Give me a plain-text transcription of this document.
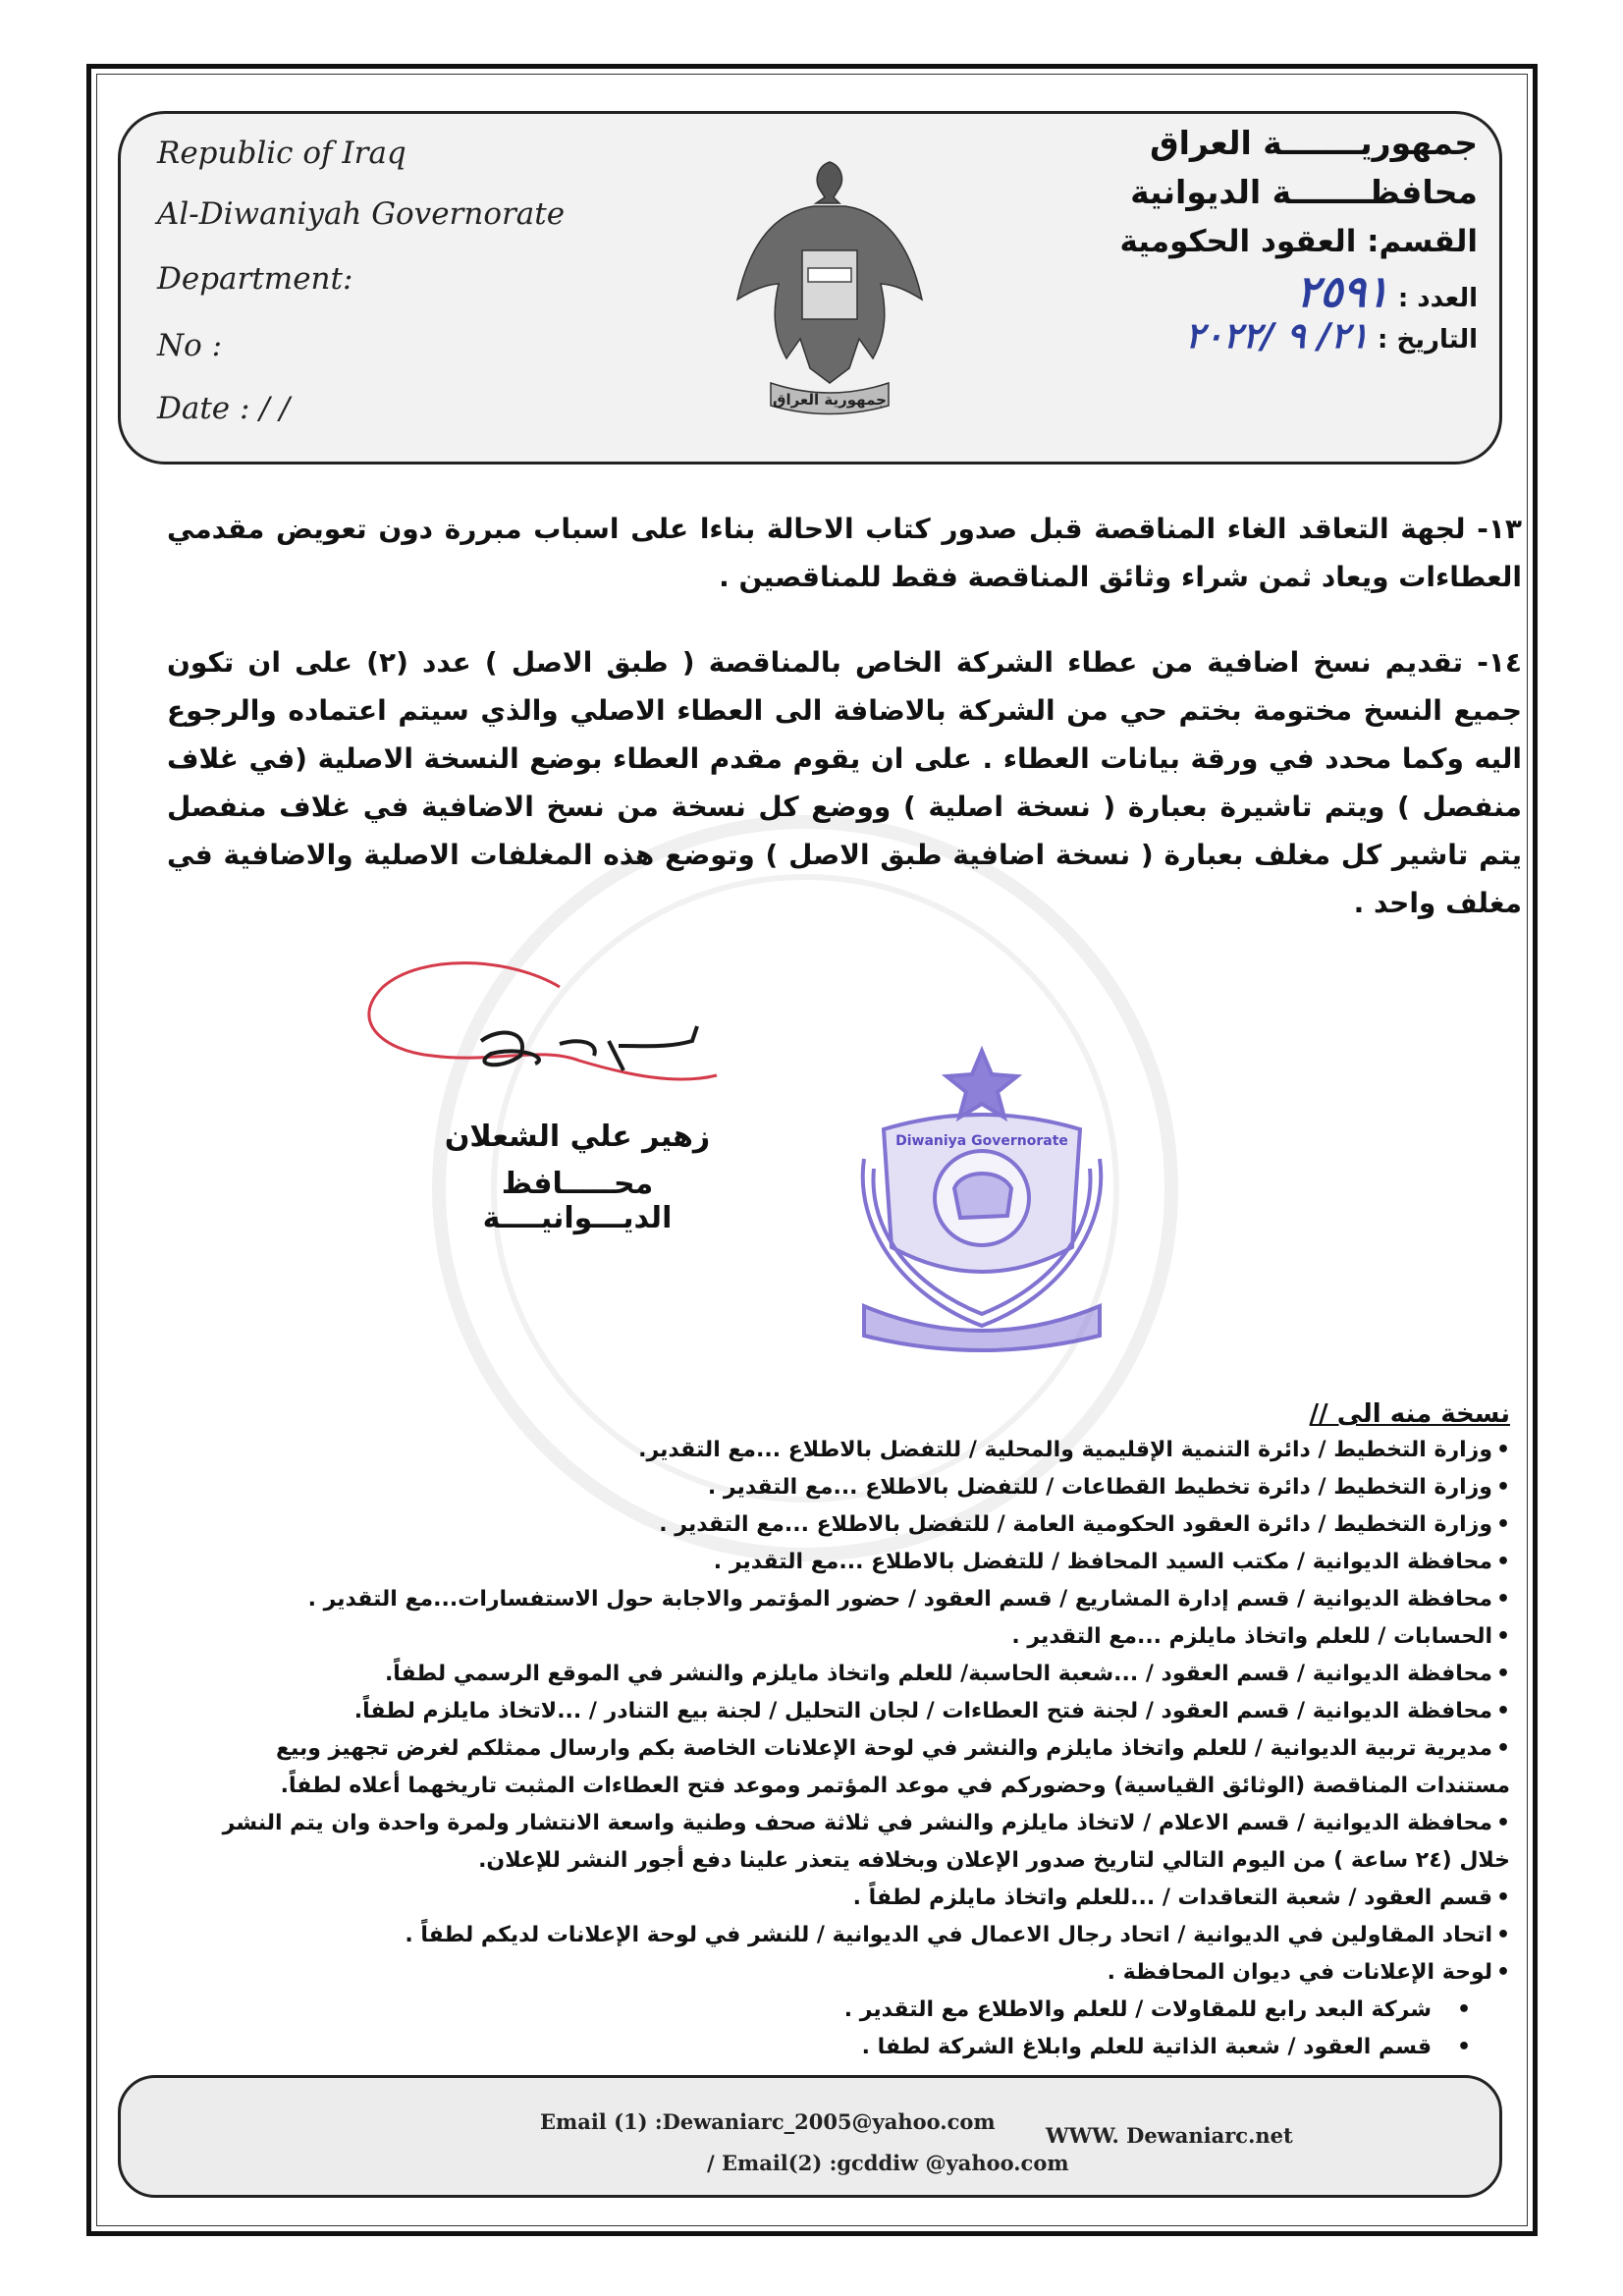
Republic of Iraq
Al-Diwaniyah Governorate
Department:
No :
Date : / /
جمهوريـــــــة العراق
محافظـــــــة الديوانية
القسم: العقود الحكومية
العدد : ٢٥٩١
التاريخ : ٢١/ ٩ /٢٠٢٢
جمهورية العراق
١٣- لجهة التعاقد الغاء المناقصة قبل صدور كتاب الاحالة بناءا على اسباب مبررة دون تعويض مقدمي العطاءات ويعاد ثمن شراء وثائق المناقصة فقط للمناقصين .
١٤- تقديم نسخ اضافية من عطاء الشركة الخاص بالمناقصة ( طبق الاصل ) عدد (٢) على ان تكون جميع النسخ مختومة بختم حي من الشركة بالاضافة الى العطاء الاصلي والذي سيتم اعتماده والرجوع اليه وكما محدد في ورقة بيانات العطاء . على ان يقوم مقدم العطاء بوضع النسخة الاصلية (في غلاف منفصل ) ويتم تاشيرة بعبارة ( نسخة اصلية ) ووضع كل نسخة من نسخ الاضافية في غلاف منفصل يتم تاشير كل مغلف بعبارة ( نسخة اضافية طبق الاصل ) وتوضع هذه المغلفات الاصلية والاضافية في مغلف واحد .
زهير علي الشعلان
محـــــافظ الديـــوانيــــة
Diwaniya Governorate
نسخة منه الى //
• وزارة التخطيط / دائرة التنمية الإقليمية والمحلية / للتفضل بالاطلاع ...مع التقدير.
• وزارة التخطيط / دائرة تخطيط القطاعات / للتفضل بالاطلاع ...مع التقدير .
• وزارة التخطيط / دائرة العقود الحكومية العامة / للتفضل بالاطلاع ...مع التقدير .
• محافظة الديوانية / مكتب السيد المحافظ / للتفضل بالاطلاع ...مع التقدير .
• محافظة الديوانية / قسم إدارة المشاريع / قسم العقود / حضور المؤتمر والاجابة حول الاستفسارات...مع التقدير .
• الحسابات / للعلم واتخاذ مايلزم ...مع التقدير .
• محافظة الديوانية / قسم العقود / ...شعبة الحاسبة/ للعلم واتخاذ مايلزم والنشر في الموقع الرسمي لطفاً.
• محافظة الديوانية / قسم العقود / لجنة فتح العطاءات / لجان التحليل / لجنة بيع التنادر / ...لاتخاذ مايلزم لطفاً.
• مديرية تربية الديوانية / للعلم واتخاذ مايلزم والنشر في لوحة الإعلانات الخاصة بكم وارسال ممثلكم لغرض تجهيز وبيع
مستندات المناقصة (الوثائق القياسية) وحضوركم في موعد المؤتمر وموعد فتح العطاءات المثبت تاريخهما أعلاه لطفاً.
• محافظة الديوانية / قسم الاعلام / لاتخاذ مايلزم والنشر في ثلاثة صحف وطنية واسعة الانتشار ولمرة واحدة وان يتم النشر
خلال (٢٤ ساعة ) من اليوم التالي لتاريخ صدور الإعلان وبخلافه يتعذر علينا دفع أجور النشر للإعلان.
• قسم العقود / شعبة التعاقدات / ...للعلم واتخاذ مايلزم لطفاً .
• اتحاد المقاولين في الديوانية / اتحاد رجال الاعمال في الديوانية / للنشر في لوحة الإعلانات لديكم لطفاً .
• لوحة الإعلانات في ديوان المحافظة .
• شركة البعد رابع للمقاولات / للعلم والاطلاع مع التقدير .
• قسم العقود / شعبة الذاتية للعلم وابلاغ الشركة لطفا .
Email (1) :Dewaniarc_2005@yahoo.com
WWW. Dewaniarc.net
/ Email(2) :gcddiw @yahoo.com
